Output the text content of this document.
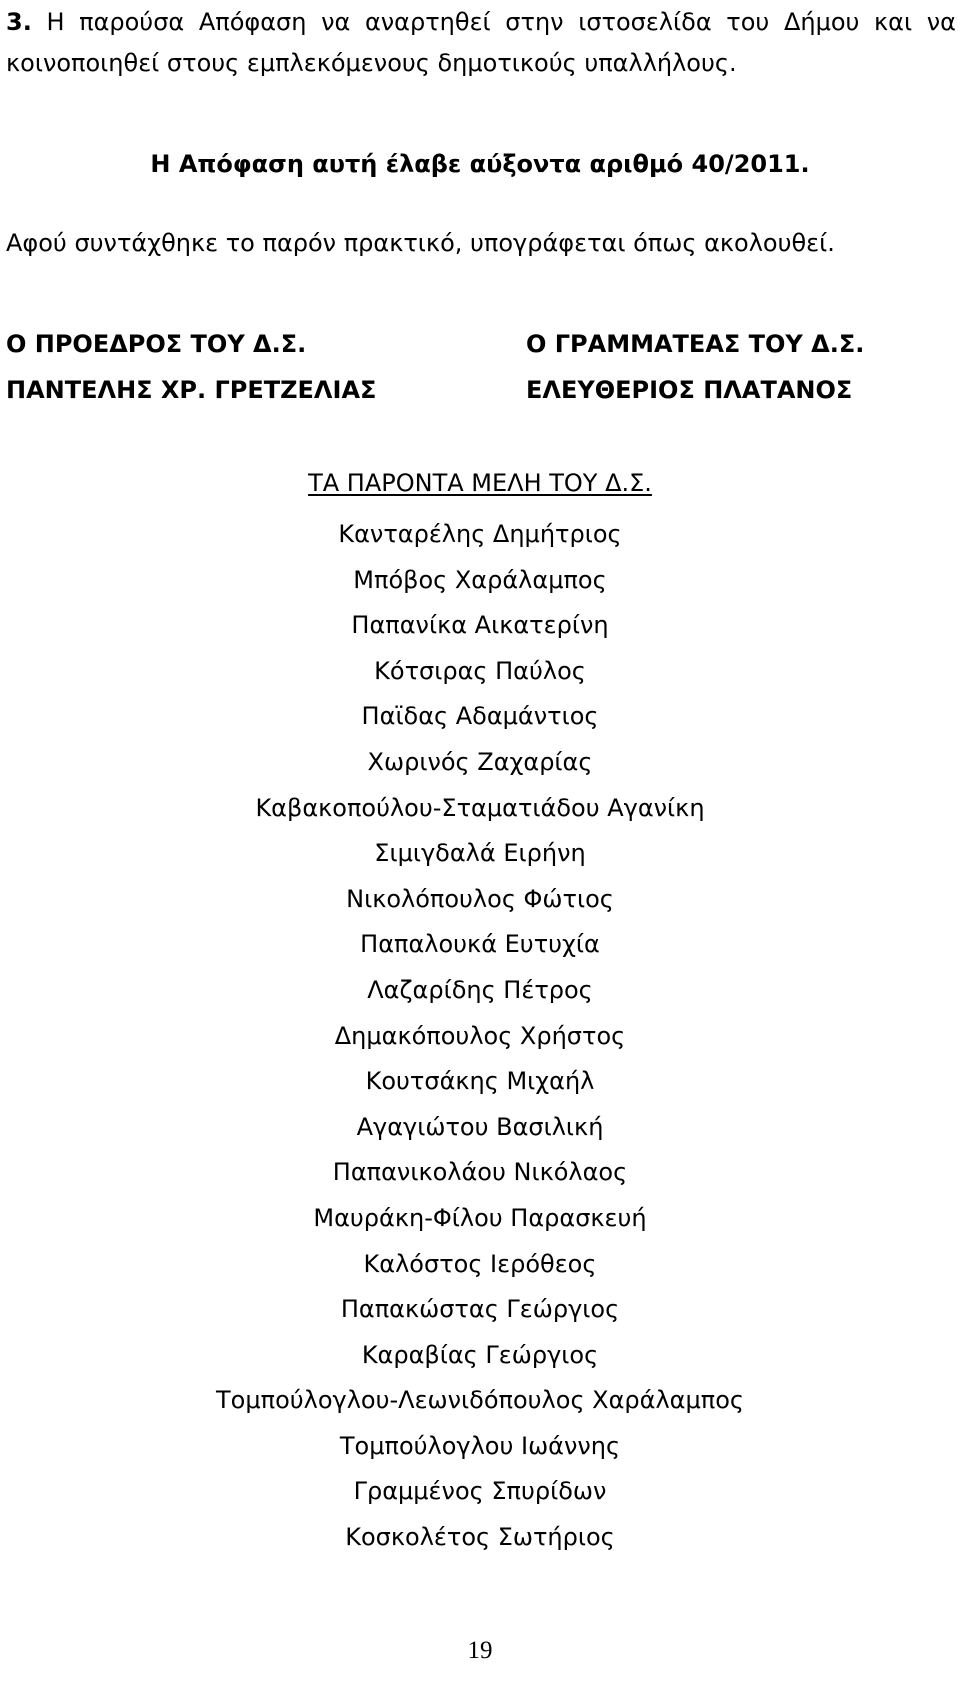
3. Η παρούσα Απόφαση να αναρτηθεί στην ιστοσελίδα του Δήμου και να
κοινοποιηθεί στους εμπλεκόμενους δημοτικούς υπαλλήλους.
Η Απόφαση αυτή έλαβε αύξοντα αριθμό 40/2011.
Αφού συντάχθηκε το παρόν πρακτικό, υπογράφεται όπως ακολουθεί.
Ο ΠΡΟΕΔΡΟΣ ΤΟΥ Δ.Σ.
ΠΑΝΤΕΛΗΣ ΧΡ. ΓΡΕΤΖΕΛΙΑΣ
Ο ΓΡΑΜΜΑΤΕΑΣ ΤΟΥ Δ.Σ.
ΕΛΕΥΘΕΡΙΟΣ ΠΛΑΤΑΝΟΣ
ΤΑ ΠΑΡΟΝΤΑ ΜΕΛΗ ΤΟΥ Δ.Σ.
Κανταρέλης Δημήτριος
Μπόβος Χαράλαμπος
Παπανίκα Αικατερίνη
Κότσιρας Παύλος
Παϊδας Αδαμάντιος
Χωρινός Ζαχαρίας
Καβακοπούλου-Σταματιάδου Αγανίκη
Σιμιγδαλά Ειρήνη
Νικολόπουλος Φώτιος
Παπαλουκά Ευτυχία
Λαζαρίδης Πέτρος
Δημακόπουλος Χρήστος
Κουτσάκης Μιχαήλ
Αγαγιώτου Βασιλική
Παπανικολάου Νικόλαος
Μαυράκη-Φίλου Παρασκευή
Καλόστος Ιερόθεος
Παπακώστας Γεώργιος
Καραβίας Γεώργιος
Τομπούλογλου-Λεωνιδόπουλος Χαράλαμπος
Τομπούλογλου Ιωάννης
Γραμμένος Σπυρίδων
Κοσκολέτος Σωτήριος
19
